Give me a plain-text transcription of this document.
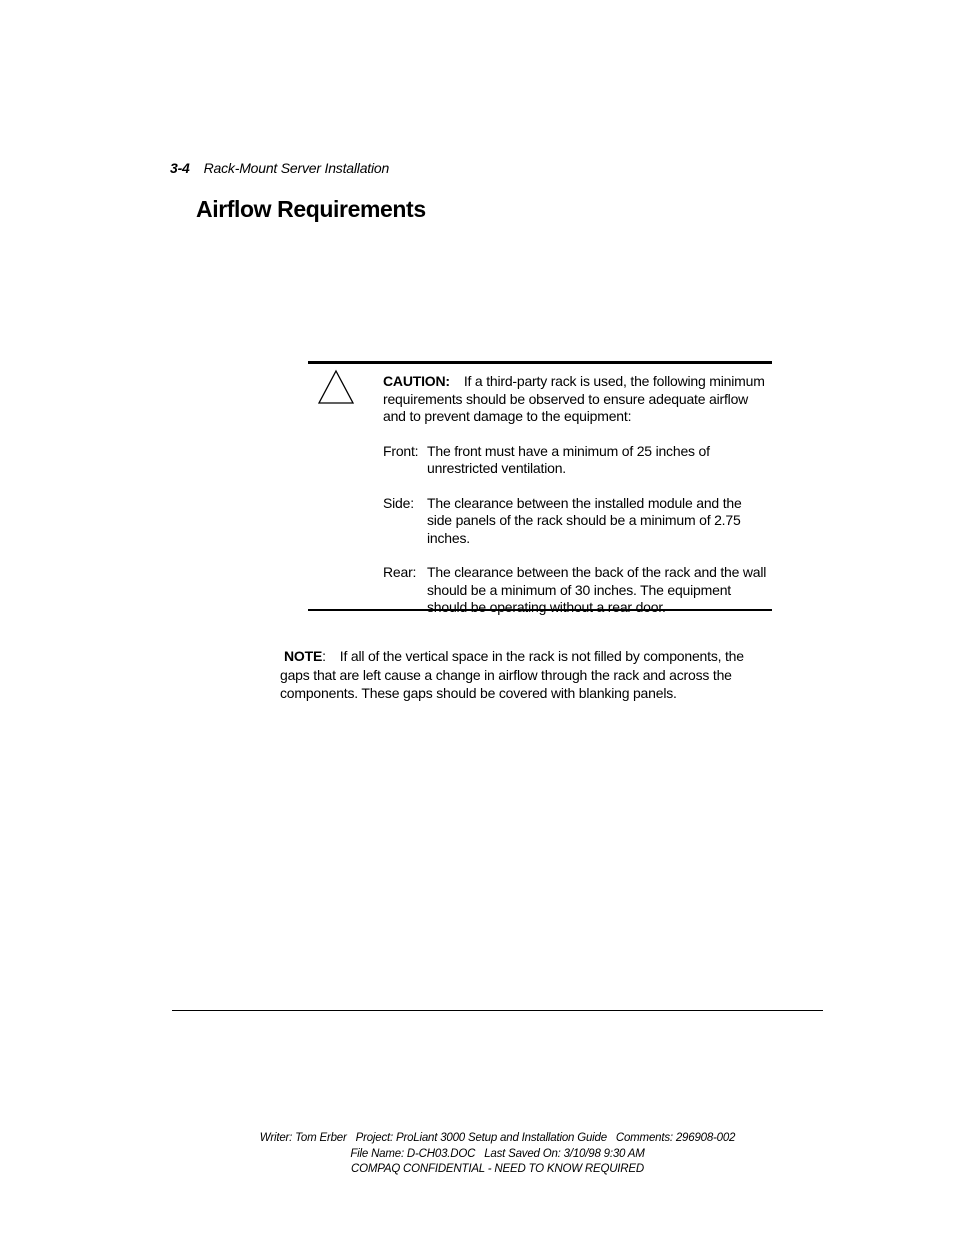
3-4 Rack-Mount Server Installation
Airflow Requirements
CAUTION: If a third-party rack is used, the following minimum requirements should be observed to ensure adequate airflow and to prevent damage to the equipment:
Front: The front must have a minimum of 25 inches of unrestricted ventilation.
Side: The clearance between the installed module and the side panels of the rack should be a minimum of 2.75 inches.
Rear: The clearance between the back of the rack and the wall should be a minimum of 30 inches. The equipment should be operating without a rear door.
NOTE: If all of the vertical space in the rack is not filled by components, the gaps that are left cause a change in airflow through the rack and across the components. These gaps should be covered with blanking panels.
Writer: Tom Erber   Project: ProLiant 3000 Setup and Installation Guide   Comments: 296908-002
File Name: D-CH03.DOC   Last Saved On: 3/10/98 9:30 AM
COMPAQ CONFIDENTIAL - NEED TO KNOW REQUIRED
